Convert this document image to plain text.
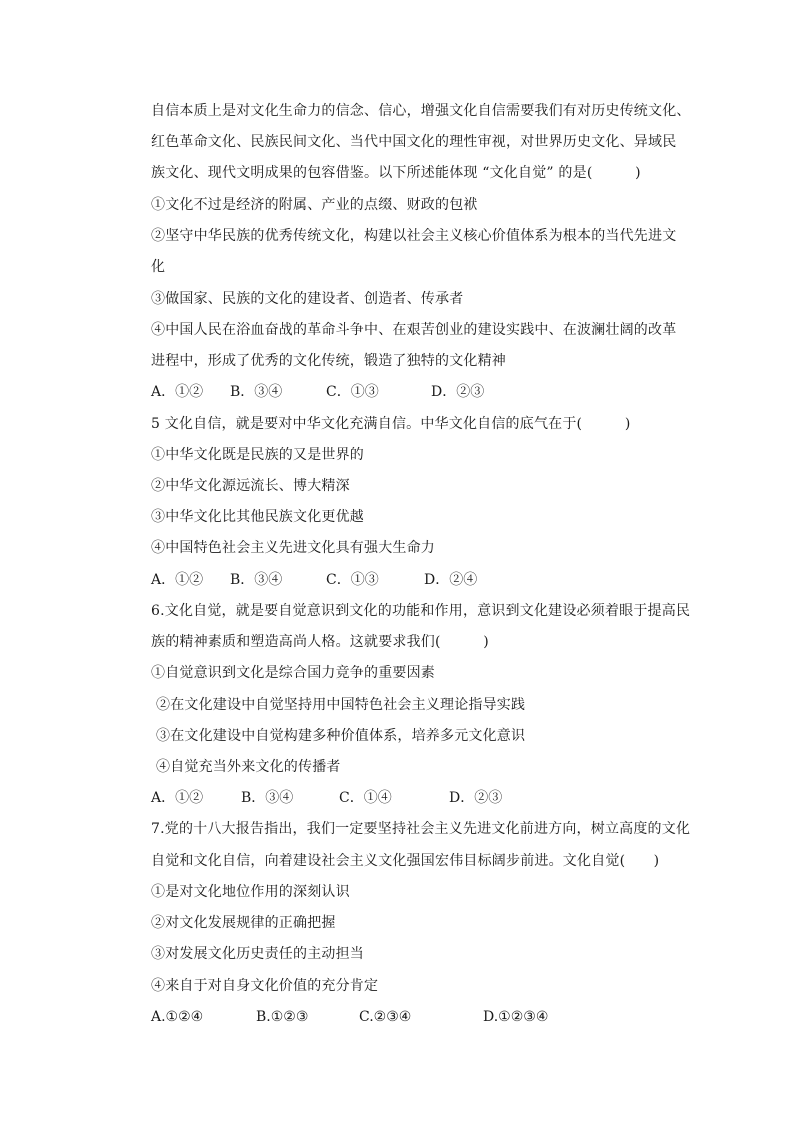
自信本质上是对文化生命力的信念、信心，增强文化自信需要我们有对历史传统文化、
红色革命文化、民族民间文化、当代中国文化的理性审视，对世界历史文化、异域民
族文化、现代文明成果的包容借鉴。以下所述能体现 “文化自觉” 的是(　　　)
①文化不过是经济的附属、产业的点缀、财政的包袱
②坚守中华民族的优秀传统文化，构建以社会主义核心价值体系为根本的当代先进文
化
③做国家、民族的文化的建设者、创造者、传承者
④中国人民在浴血奋战的革命斗争中、在艰苦创业的建设实践中、在波澜壮阔的改革
进程中，形成了优秀的文化传统，锻造了独特的文化精神
A．①② B．③④	C．①③	D．②③
5 文化自信，就是要对中华文化充满自信。中华文化自信的底气在于(　　　)
①中华文化既是民族的又是世界的
②中华文化源远流长、博大精深
③中华文化比其他民族文化更优越
④中国特色社会主义先进文化具有强大生命力
A．①② B．③④	C．①③	D．②④
6.文化自觉，就是要自觉意识到文化的功能和作用，意识到文化建设必须着眼于提高民
族的精神素质和塑造高尚人格。这就要求我们(　　　)
①自觉意识到文化是综合国力竞争的重要因素
②在文化建设中自觉坚持用中国特色社会主义理论指导实践
③在文化建设中自觉构建多种价值体系，培养多元文化意识
④自觉充当外来文化的传播者
A．①②	B．③④	C．①④	D．②③
7.党的十八大报告指出，我们一定要坚持社会主义先进文化前进方向，树立高度的文化
自觉和文化自信，向着建设社会主义文化强国宏伟目标阔步前进。文化自觉(　　)
①是对文化地位作用的深刻认识
②对文化发展规律的正确把握
③对发展文化历史责任的主动担当
④来自于对自身文化价值的充分肯定
A.①②④	B.①②③	C.②③④	D.①②③④
